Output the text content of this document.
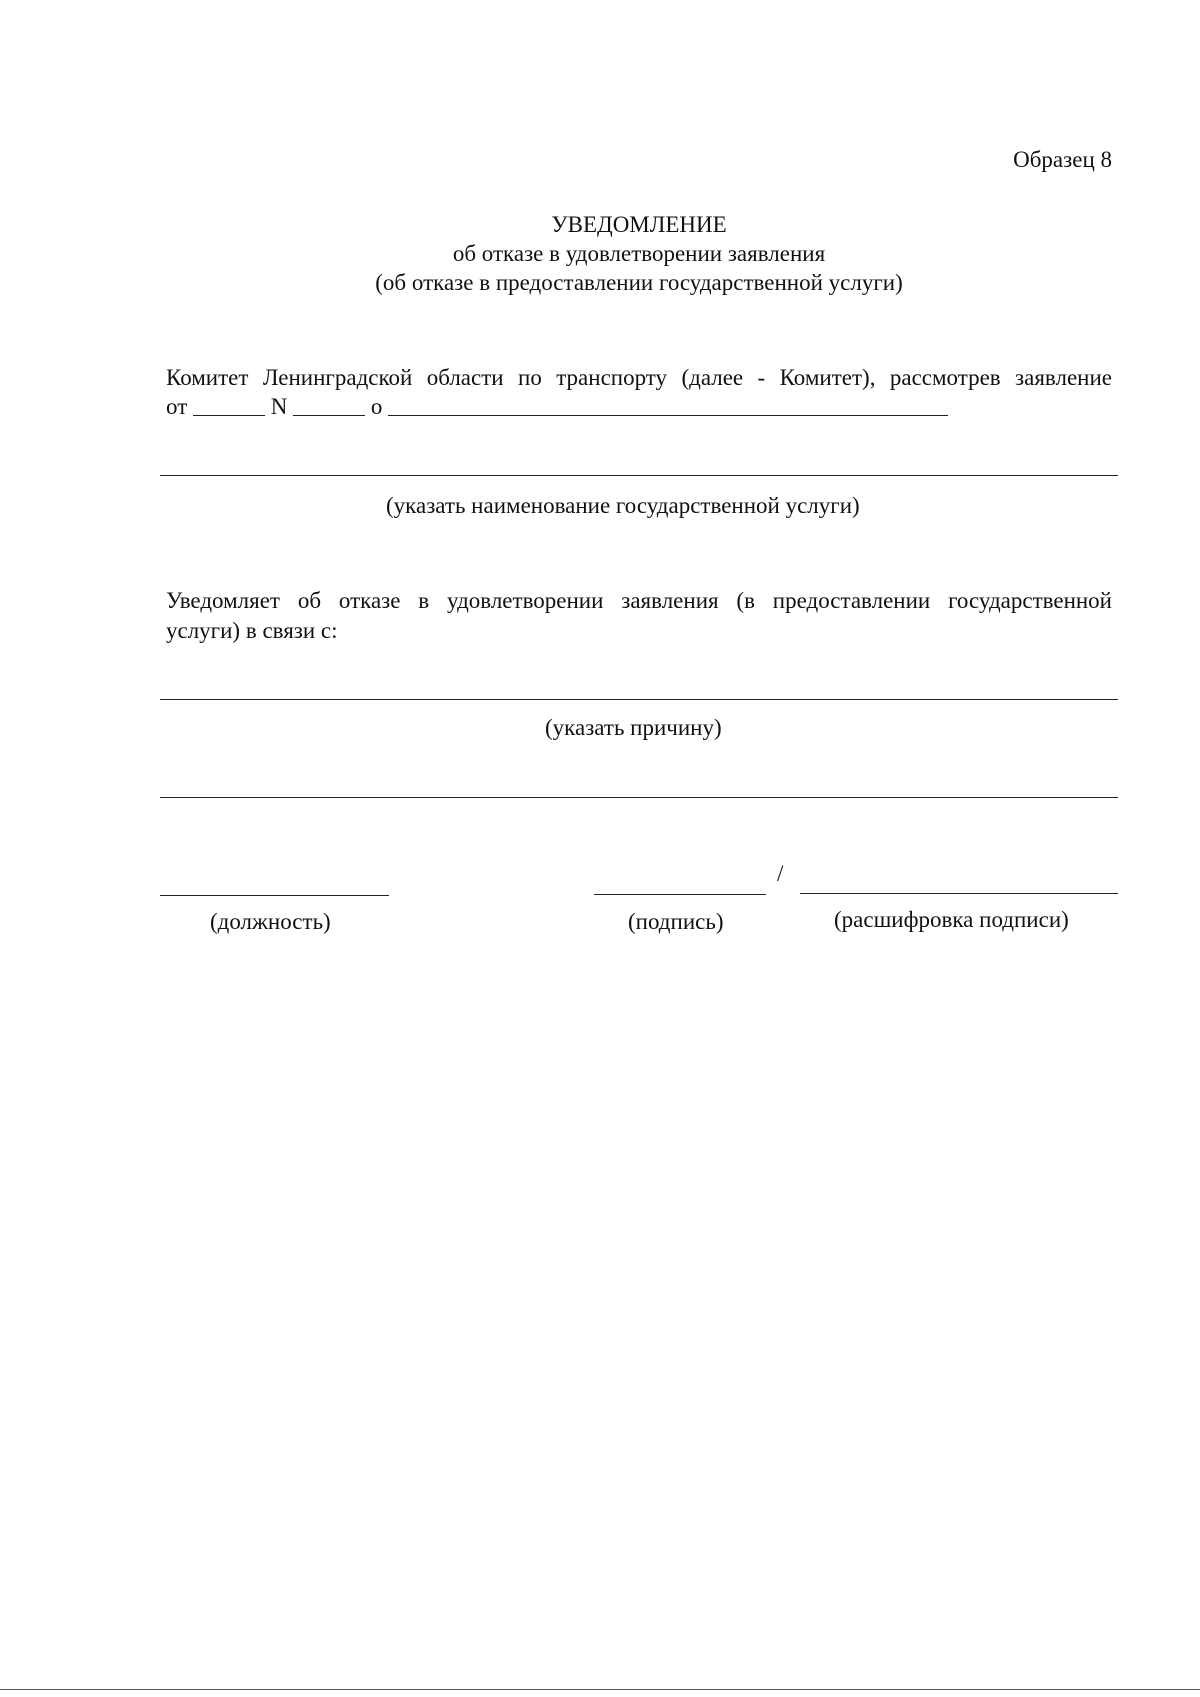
Образец 8
УВЕДОМЛЕНИЕ
об отказе в удовлетворении заявления
(об отказе в предоставлении государственной услуги)
Комитет Ленинградской области по транспорту (далее - Комитет), рассмотрев заявление
от	N	о
(указать наименование государственной услуги)
Уведомляет об отказе в удовлетворении заявления (в предоставлении государственной
услуги) в связи с:
(указать причину)
/
(должность)	(подпись)	(расшифровка подписи)
